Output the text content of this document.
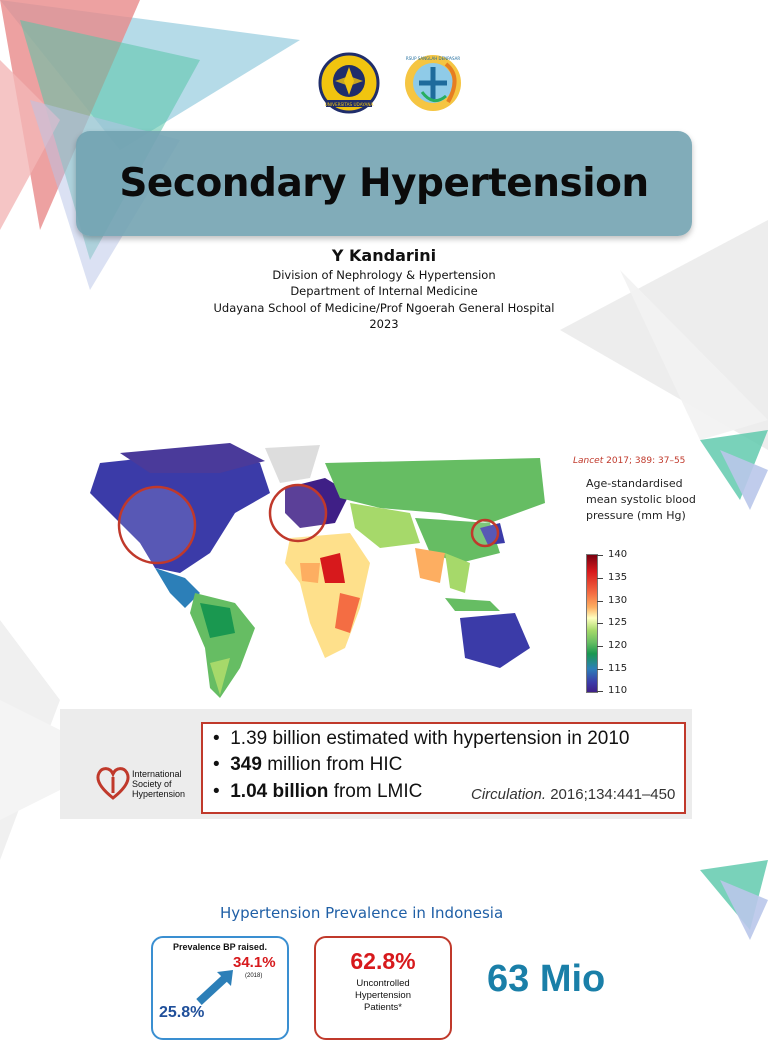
UNIVERSITAS UDAYANA
RSUP SANGLAH DENPASAR
Secondary Hypertension
Y Kandarini
Division of Nephrology & Hypertension
Department of Internal Medicine
Udayana School of Medicine/Prof Ngoerah General Hospital
2023
Lancet 2017; 389: 37–55
Age-standardised mean systolic blood pressure (mm Hg)
140
135
130
125
120
115
110
International
Society of
Hypertension
• 1.39 billion estimated with hypertension in 2010
• 349 million from HIC
• 1.04 billion from LMIC	Circulation. 2016;134:441–450
Hypertension Prevalence in Indonesia
Prevalence BP raised.
34.1%
(2018)
25.8%
62.8%
Uncontrolled
Hypertension
Patients*
63 Mio
